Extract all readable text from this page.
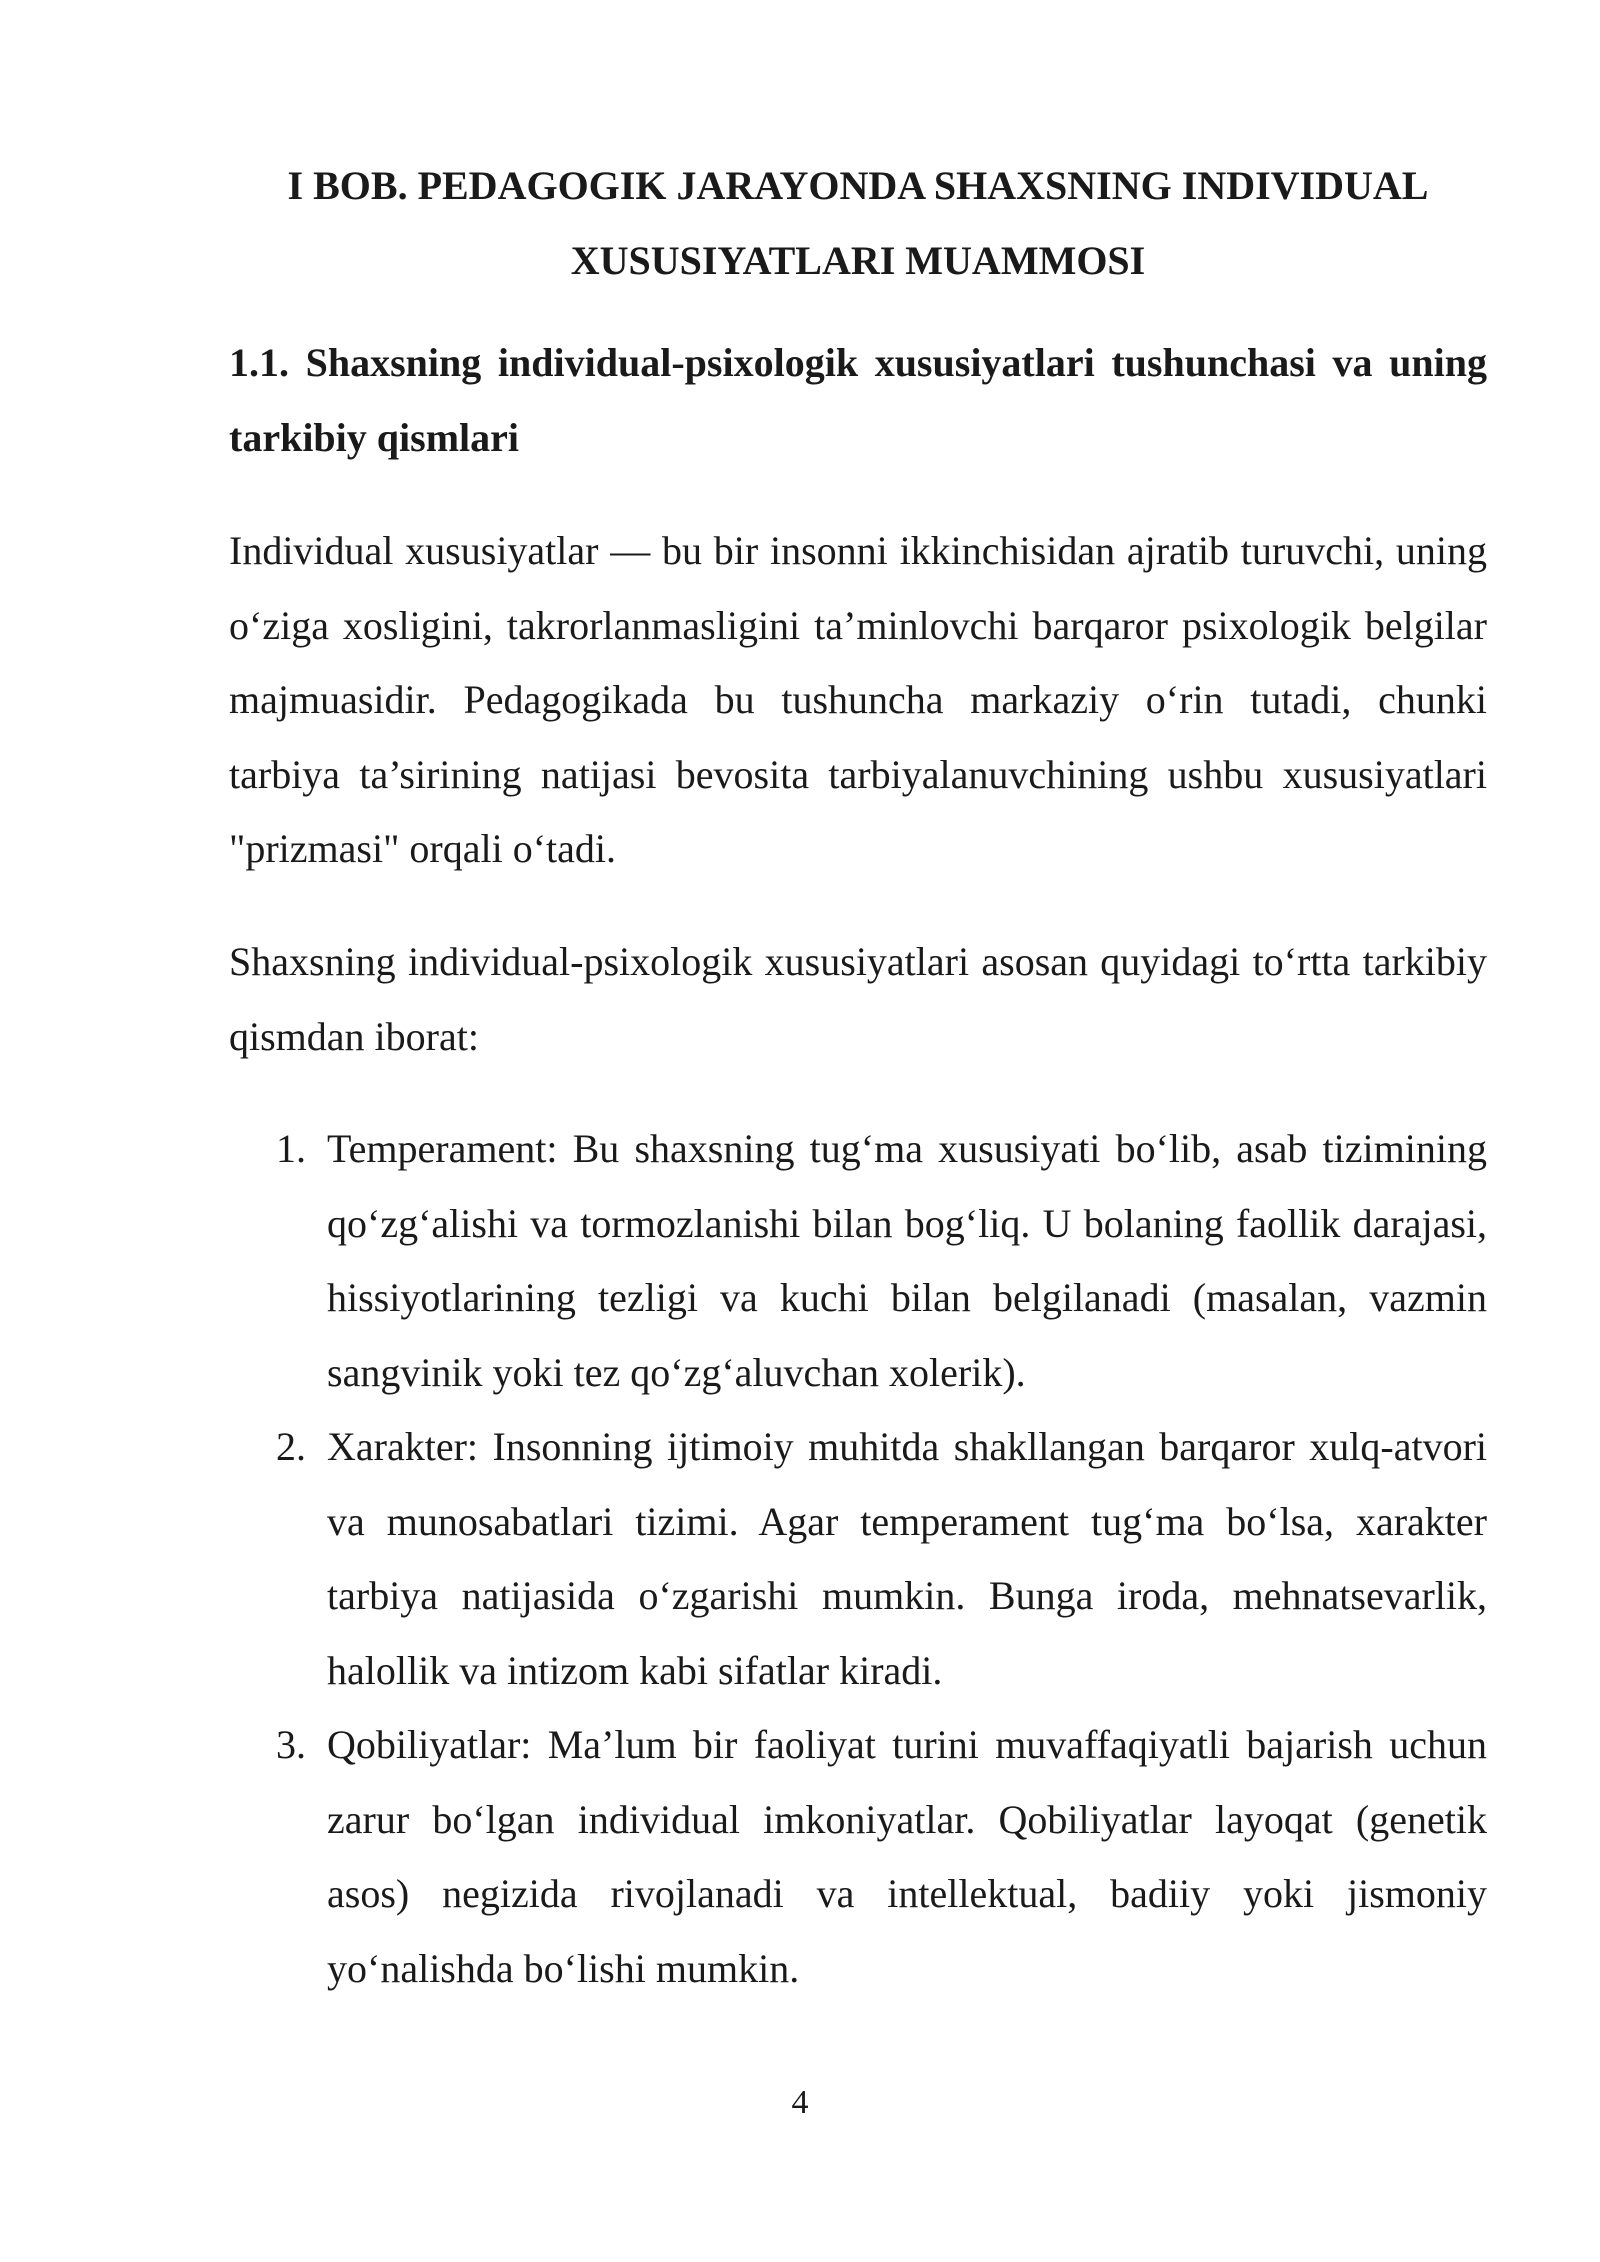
I BOB. PEDAGOGIK JARAYONDA SHAXSNING INDIVIDUAL XUSUSIYATLARI MUAMMOSI
1.1. Shaxsning individual-psixologik xususiyatlari tushunchasi va uning tarkibiy qismlari

Individual xususiyatlar — bu bir insonni ikkinchisidan ajratib turuvchi, uning o‘ziga xosligini, takrorlanmasligini ta’minlovchi barqaror psixologik belgilar majmuasidir. Pedagogikada bu tushuncha markaziy o‘rin tutadi, chunki tarbiya ta’sirining natijasi bevosita tarbiyalanuvchining ushbu xususiyatlari "prizmasi" orqali o‘tadi.

Shaxsning individual-psixologik xususiyatlari asosan quyidagi to‘rtta tarkibiy qismdan iborat:

1. Temperament: Bu shaxsning tug‘ma xususiyati bo‘lib, asab tizimining qo‘zg‘alishi va tormozlanishi bilan bog‘liq. U bolaning faollik darajasi, hissiyotlarining tezligi va kuchi bilan belgilanadi (masalan, vazmin sangvinik yoki tez qo‘zg‘aluvchan xolerik).
2. Xarakter: Insonning ijtimoiy muhitda shakllangan barqaror xulq-atvori va munosabatlari tizimi. Agar temperament tug‘ma bo‘lsa, xarakter tarbiya natijasida o‘zgarishi mumkin. Bunga iroda, mehnatsevarlik, halollik va intizom kabi sifatlar kiradi.
3. Qobiliyatlar: Ma’lum bir faoliyat turini muvaffaqiyatli bajarish uchun zarur bo‘lgan individual imkoniyatlar. Qobiliyatlar layoqat (genetik asos) negizida rivojlanadi va intellektual, badiiy yoki jismoniy yo‘nalishda bo‘lishi mumkin.
4
